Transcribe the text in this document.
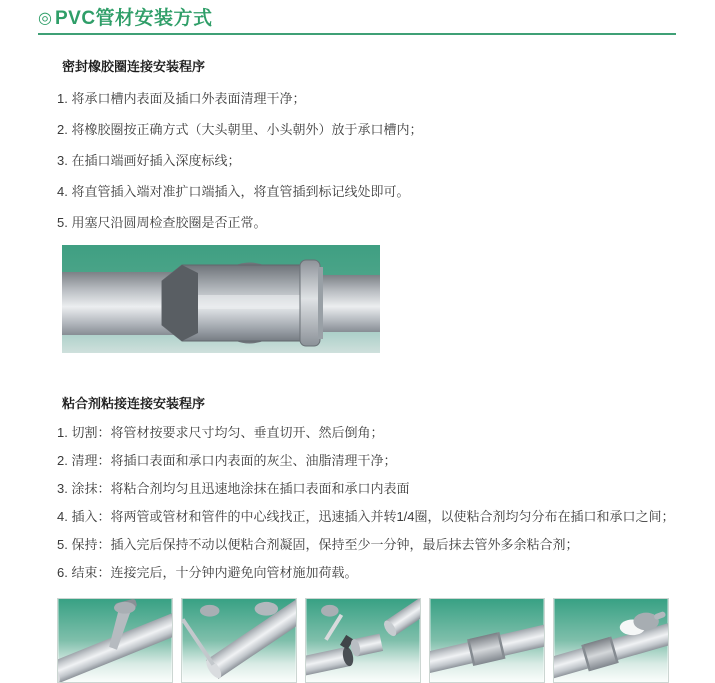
◎ PVC管材安装方式
密封橡胶圈连接安装程序

1. 将承口槽内表面及插口外表面清理干净；

2. 将橡胶圈按正确方式（大头朝里、小头朝外）放于承口槽内；

3. 在插口端画好插入深度标线；

4. 将直管插入端对准扩口端插入，将直管插到标记线处即可。

5. 用塞尺沿圆周检查胶圈是否正常。

粘合剂粘接连接安装程序

1. 切割：将管材按要求尺寸均匀、垂直切开、然后倒角；

2. 清理：将插口表面和承口内表面的灰尘、油脂清理干净；

3. 涂抹：将粘合剂均匀且迅速地涂抹在插口表面和承口内表面

4. 插入：将两管或管材和管件的中心线找正，迅速插入并转1/4圈，以使粘合剂均匀分布在插口和承口之间；

5. 保持：插入完后保持不动以便粘合剂凝固，保持至少一分钟，最后抹去管外多余粘合剂；

6. 结束：连接完后，十分钟内避免向管材施加荷载。
